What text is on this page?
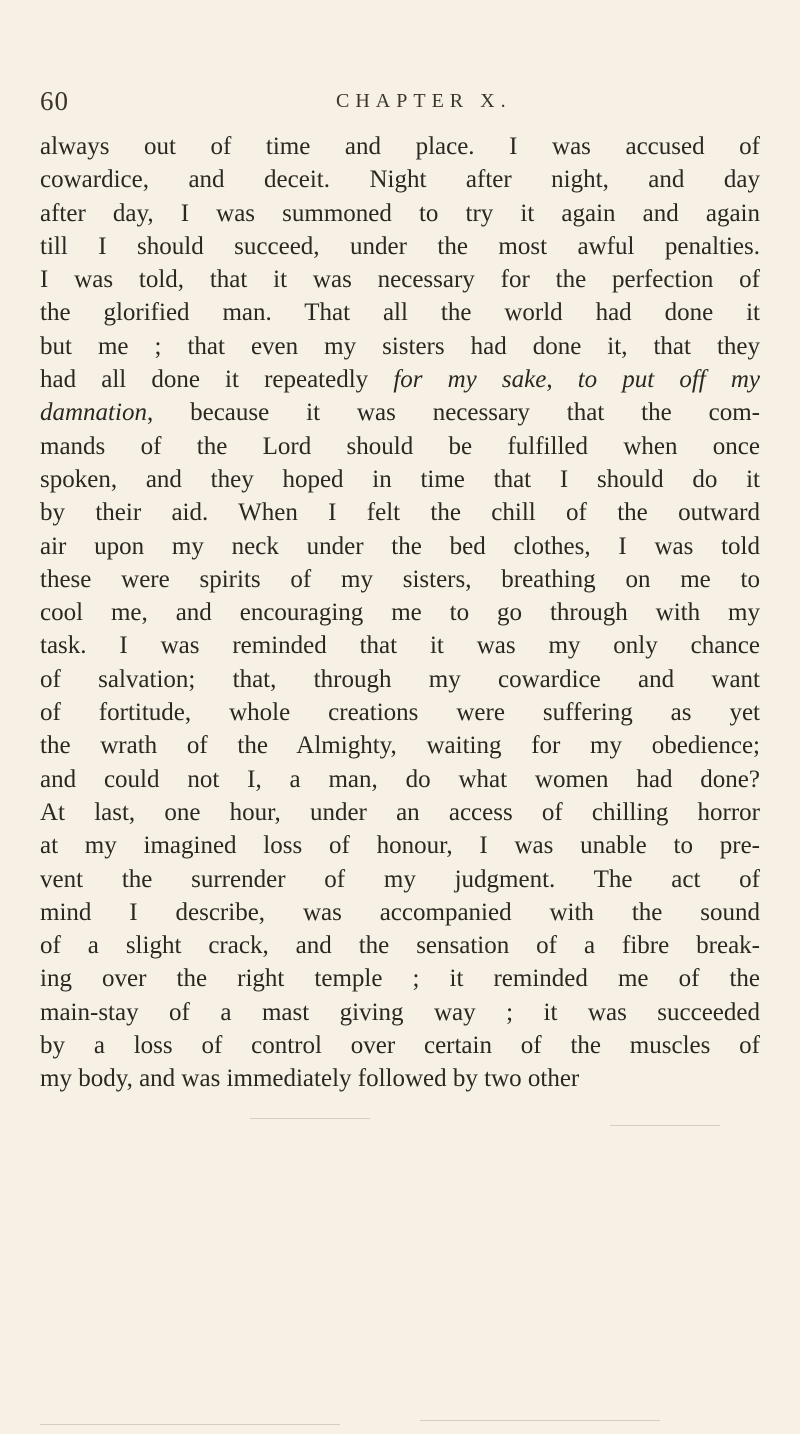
60	CHAPTER X.
always out of time and place. I was accused of
cowardice, and deceit. Night after night, and day
after day, I was summoned to try it again and again
till I should succeed, under the most awful penalties.
I was told, that it was necessary for the perfection of
the glorified man. That all the world had done it
but me ; that even my sisters had done it, that they
had all done it repeatedly for my sake, to put off my
damnation, because it was necessary that the com-
mands of the Lord should be fulfilled when once
spoken, and they hoped in time that I should do it
by their aid. When I felt the chill of the outward
air upon my neck under the bed clothes, I was told
these were spirits of my sisters, breathing on me to
cool me, and encouraging me to go through with my
task. I was reminded that it was my only chance
of salvation; that, through my cowardice and want
of fortitude, whole creations were suffering as yet
the wrath of the Almighty, waiting for my obedience;
and could not I, a man, do what women had done?
At last, one hour, under an access of chilling horror
at my imagined loss of honour, I was unable to pre-
vent the surrender of my judgment. The act of
mind I describe, was accompanied with the sound
of a slight crack, and the sensation of a fibre break-
ing over the right temple ; it reminded me of the
main-stay of a mast giving way ; it was succeeded
by a loss of control over certain of the muscles of
my body, and was immediately followed by two other
